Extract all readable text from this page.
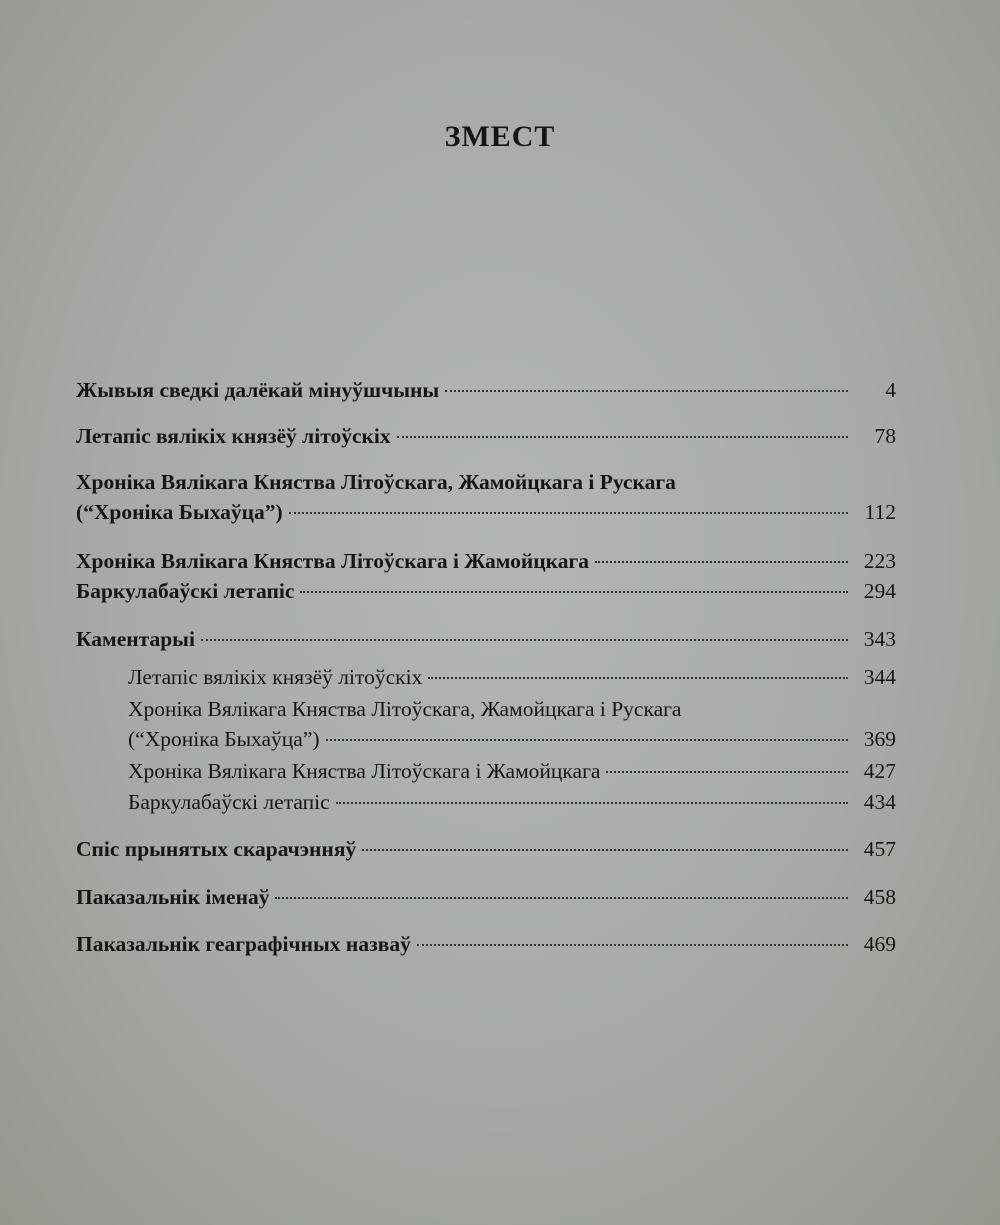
ЗМЕСТ
Жывыя сведкі далёкай мінуўшчыны	4
Летапіс вялікіх князёў літоўскіх	78
Хроніка Вялікага Княства Літоўскага, Жамойцкага і Рускага
(“Хроніка Быхаўца”)	112
Хроніка Вялікага Княства Літоўскага і Жамойцкага	223
Баркулабаўскі летапіс	294
Каментарыі	343
Летапіс вялікіх князёў літоўскіх	344
Хроніка Вялікага Княства Літоўскага, Жамойцкага і Рускага
(“Хроніка Быхаўца”)	369
Хроніка Вялікага Княства Літоўскага і Жамойцкага	427
Баркулабаўскі летапіс	434
Спіс прынятых скарачэнняў	457
Паказальнік іменаў	458
Паказальнік геаграфічных назваў	469
